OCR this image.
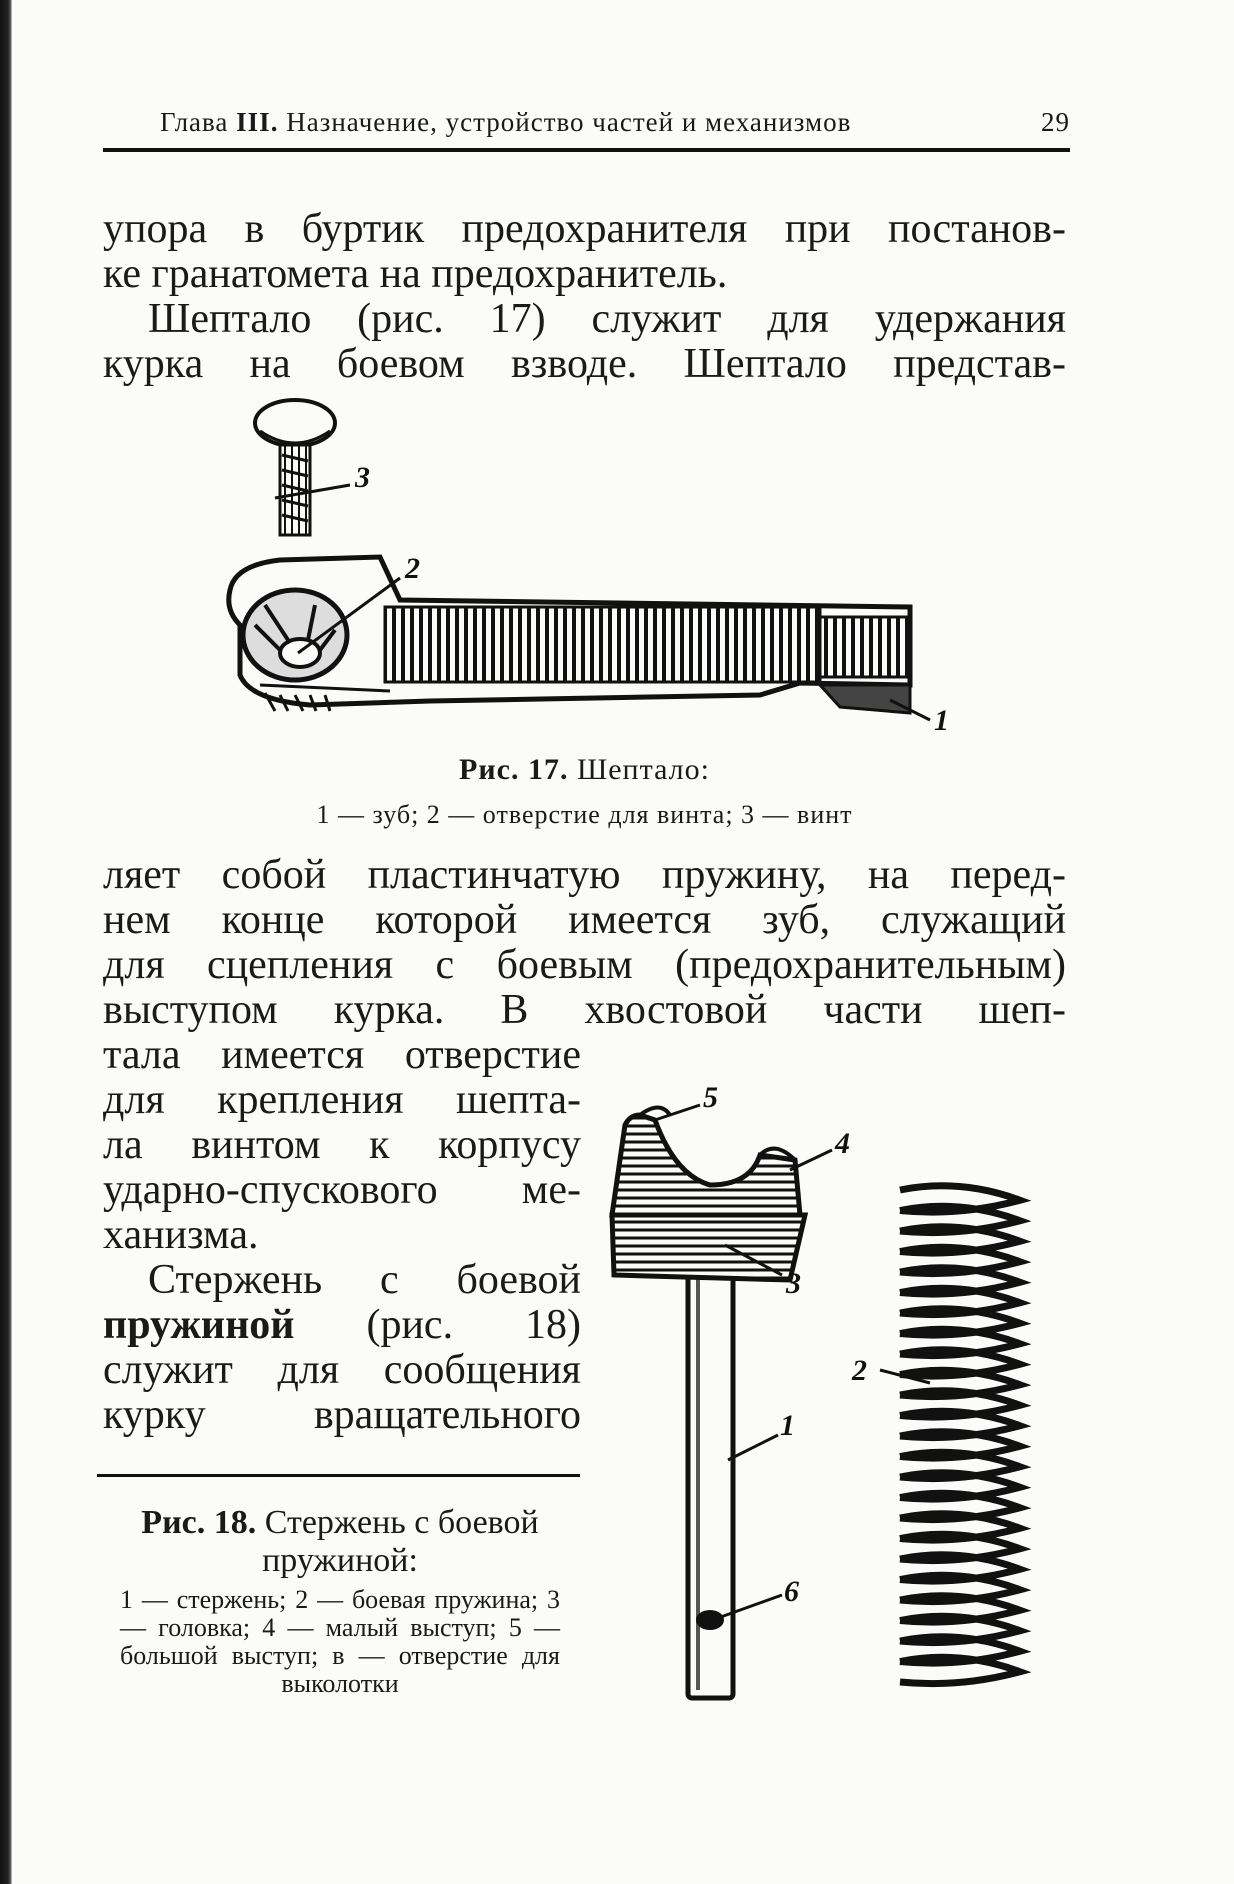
Глава III. Назначение, устройство частей и механизмов	29
упора в буртик предохранителя при постанов-
ке гранатомета на предохранитель.
Шептало (рис. 17) служит для удержания
курка на боевом взводе. Шептало представ-
3
2
1
Рис. 17. Шептало:
1 — зуб; 2 — отверстие для винта; 3 — винт
ляет собой пластинчатую пружину, на перед-
нем конце которой имеется зуб, служащий
для сцепления с боевым (предохранительным)
выступом курка. В хвостовой части шеп-
тала имеется отверстие
для крепления шепта-
ла винтом к корпусу
ударно-спускового ме-
ханизма.
Стержень с боевой
пружиной (рис. 18)
служит для сообщения
курку вращательного
Рис. 18. Стержень с боевой пружиной:
1 — стержень; 2 — боевая пружина; 3 — головка; 4 — малый выступ; 5 — большой выступ; в — отверстие для выколотки
5
4
3
1
6
2
